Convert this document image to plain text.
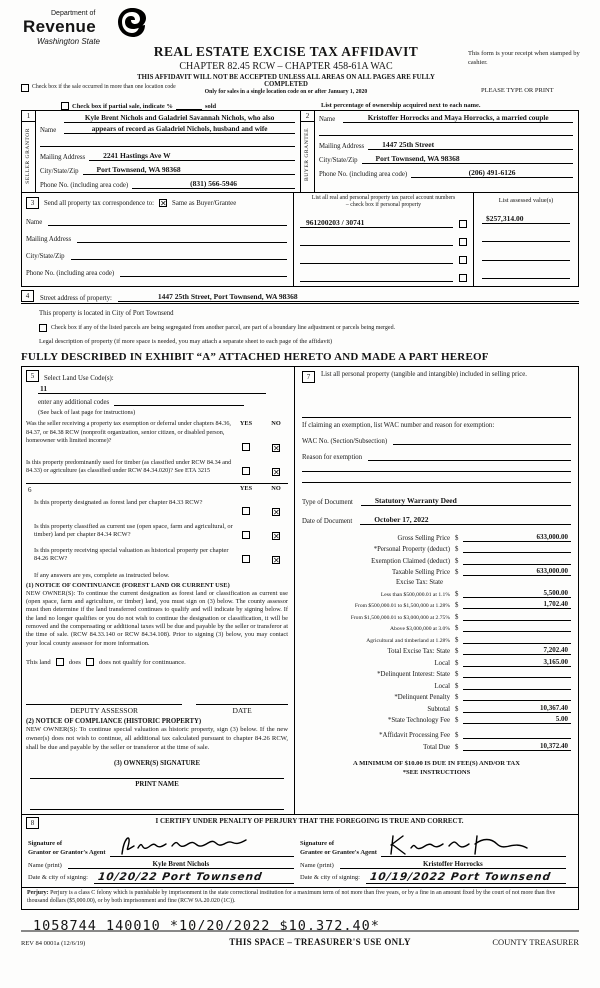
Department of
Revenue
Washington State
REAL ESTATE EXCISE TAX AFFIDAVIT
CHAPTER 82.45 RCW – CHAPTER 458-61A WAC
THIS AFFIDAVIT WILL NOT BE ACCEPTED UNLESS ALL AREAS ON ALL PAGES ARE FULLY COMPLETED
Only for sales in a single location code on or after January 1, 2020
This form is your receipt when stamped by cashier.
PLEASE TYPE OR PRINT
Check box if the sale occurred in more than one location code
Check box if partial sale, indicate %	sold	List percentage of ownership acquired next to each name.
1
SELLER GRANTOR Name
Kyle Brent Nichols and Galadriel Savannah Nichols, who also
appears of record as Galadriel Nichols, husband and wife
Mailing Address	2241 Hastings Ave W
City/State/Zip	Port Townsend, WA 98368
Phone No. (including area code)	(831) 566-5946
2
BUYER GRANTEE
Name	Kristoffer Horrocks and Maya Horrocks, a married couple
Mailing Address	1447 25th Street
City/State/Zip	Port Townsend, WA 98368
Phone No. (including area code)	(206) 491-6126
3	Send all property tax correspondence to: ✕ Same as Buyer/Grantee
Name
Mailing Address
City/State/Zip
Phone No. (including area code)
List all real and personal property tax parcel account numbers
– check box if personal property
961200203 / 30741
List assessed value(s)
$257,314.00
4	Street address of property:	1447 25th Street, Port Townsend, WA 98368
This property is located in City of Port Townsend
Check box if any of the listed parcels are being segregated from another parcel, are part of a boundary line adjustment or parcels being merged.
Legal description of property (if more space is needed, you may attach a separate sheet to each page of the affidavit)
FULLY DESCRIBED IN EXHIBIT “A” ATTACHED HERETO AND MADE A PART HEREOF
5	Select Land Use Code(s):
11
enter any additional codes
(See back of last page for instructions)
Was the seller receiving a property tax exemption or deferral under chapters 84.36, 84.37, or 84.38 RCW (nonprofit organization, senior citizen, or disabled person, homeowner with limited income)?
YES	NO
✕
Is this property predominantly used for timber (as classified under RCW 84.34 and 84.33) or agriculture (as classified under RCW 84.34.020)? See ETA 3215	✕
6	YES	NO
Is this property designated as forest land per chapter 84.33 RCW?
✕
Is this property classified as current use (open space, farm and agricultural, or timber) land per chapter 84.34 RCW?	✕
Is this property receiving special valuation as historical property per chapter 84.26 RCW?	✕
If any answers are yes, complete as instructed below.
(1) NOTICE OF CONTINUANCE (FOREST LAND OR CURRENT USE)
NEW OWNER(S): To continue the current designation as forest land or classification as current use (open space, farm and agriculture, or timber) land, you must sign on (3) below. The county assessor must then determine if the land transferred continues to qualify and will indicate by signing below. If the land no longer qualifies or you do not wish to continue the designation or classification, it will be removed and the compensating or additional taxes will be due and payable by the seller or transferor at the time of sale. (RCW 84.33.140 or RCW 84.34.108). Prior to signing (3) below, you may contact your local county assessor for more information.
This land	does	does not qualify for continuance.
DEPUTY ASSESSOR	DATE
(2) NOTICE OF COMPLIANCE (HISTORIC PROPERTY)
NEW OWNER(S): To continue special valuation as historic property, sign (3) below. If the new owner(s) does not wish to continue, all additional tax calculated pursuant to chapter 84.26 RCW, shall be due and payable by the seller or transferor at the time of sale.
(3) OWNER(S) SIGNATURE
PRINT NAME
7	List all personal property (tangible and intangible) included in selling price.
If claiming an exemption, list WAC number and reason for exemption:
WAC No. (Section/Subsection)
Reason for exemption
Type of Document	Statutory Warranty Deed
Date of Document	October 17, 2022
Gross Selling Price $	633,000.00
*Personal Property (deduct) $
Exemption Claimed (deduct) $
Taxable Selling Price $	633,000.00
Excise Tax: State
Less than $500,000.01 at 1.1% $	5,500.00
From $500,000.01 to $1,500,000 at 1.28% $	1,702.40
From $1,500,000.01 to $3,000,000 at 2.75% $
Above $3,000,000 at 3.0% $
Agricultural and timberland at 1.28% $
Total Excise Tax: State $	7,202.40
Local $	3,165.00
*Delinquent Interest: State $
Local $
*Delinquent Penalty $
Subtotal $	10,367.40
*State Technology Fee $	5.00
*Affidavit Processing Fee $
Total Due $	10,372.40
A MINIMUM OF $10.00 IS DUE IN FEE(S) AND/OR TAX
*SEE INSTRUCTIONS
8	I CERTIFY UNDER PENALTY OF PERJURY THAT THE FOREGOING IS TRUE AND CORRECT.
Signature of
Grantor or Grantor's Agent
Signature of
Grantee or Grantee's Agent
Name (print)	Kyle Brent Nichols	Name (print)	Kristoffer Horrocks
Date & city of signing: 10/20/22 Port Townsend	Date & city of signing: 10/19/2022 Port Townsend
Perjury: Perjury is a class C felony which is punishable by imprisonment in the state correctional institution for a maximum term of not more than five years, or by a fine in an amount fixed by the court of not more than five thousand dollars ($5,000.00), or by both imprisonment and fine (RCW 9A.20.020 (1C)).
1058744 140010 *10/20/2022 $10,372.40*
REV 84 0001a (12/6/19)	THIS SPACE – TREASURER'S USE ONLY	COUNTY TREASURER
